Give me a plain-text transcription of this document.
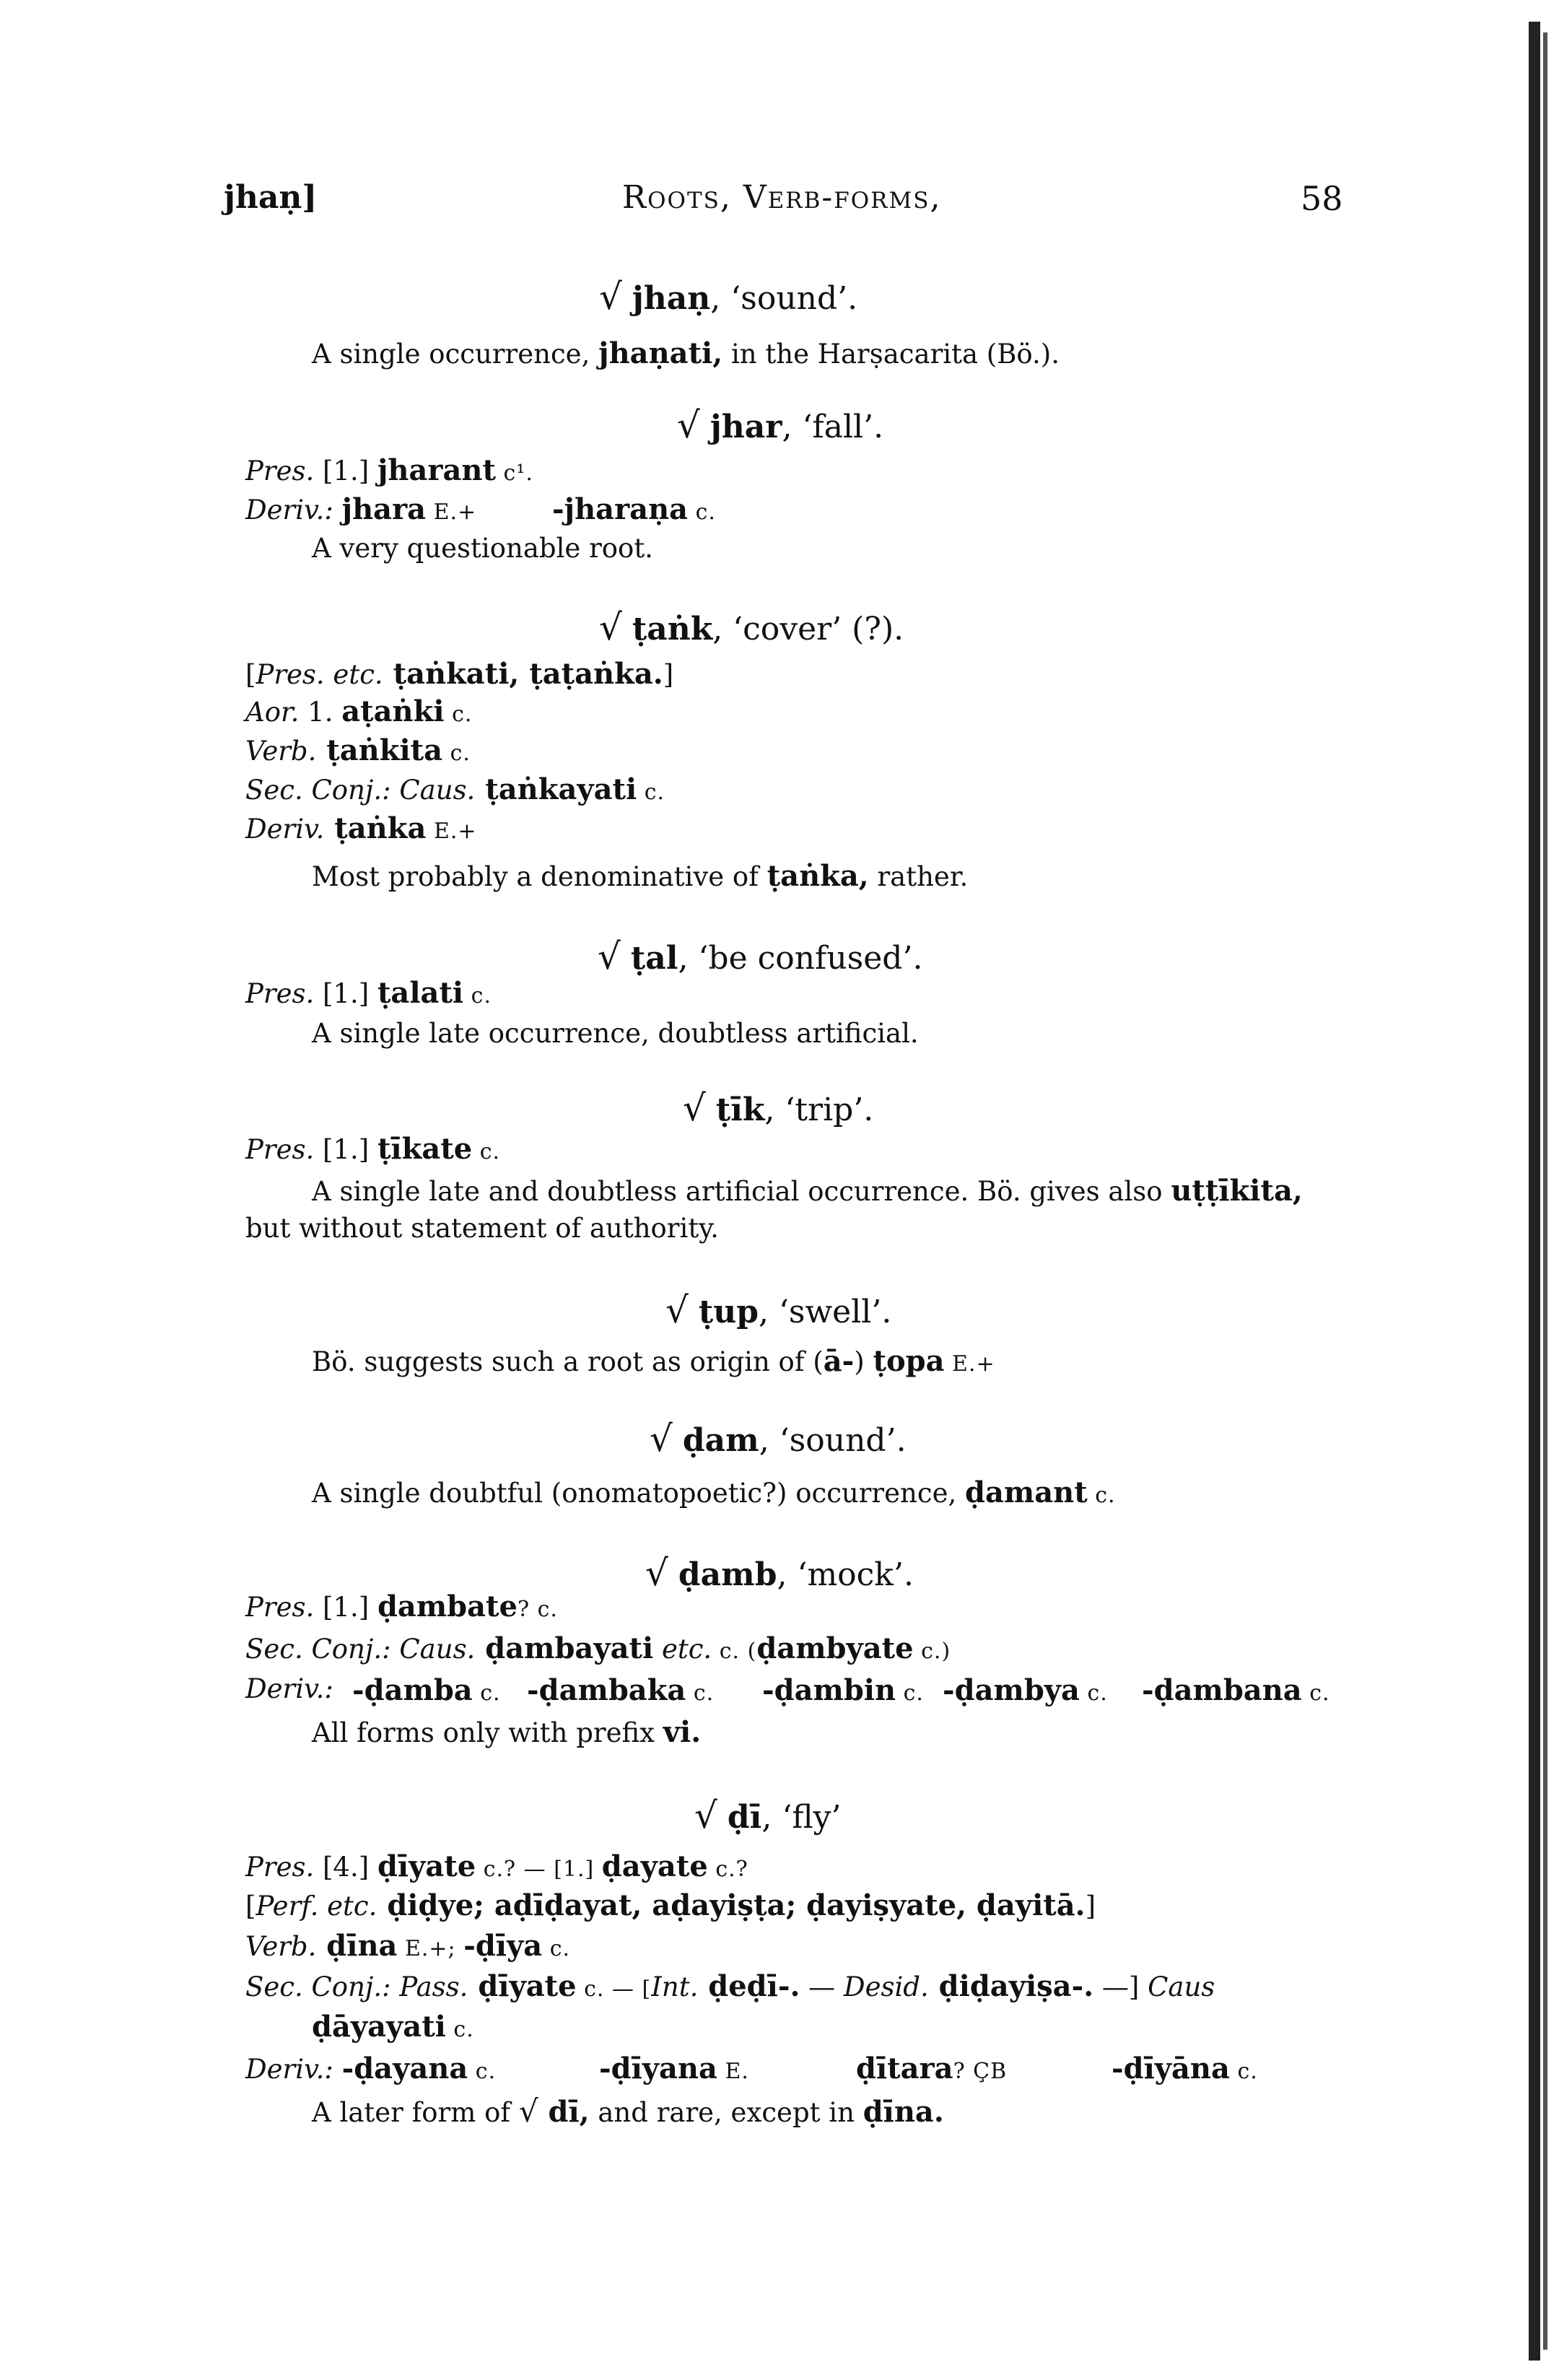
jhaṇ]	Roots, Verb-forms,	58
√ jhaṇ, ‘sound’.
A single occurrence, jhaṇati, in the Harṣacarita (Bö.).
√ jhar, ‘fall’.
Pres. [1.] jharant c¹.
Deriv.: jhara E.+	-jharaṇa c.
A very questionable root.
√ ṭaṅk, ‘cover’ (?).
[Pres. etc. ṭaṅkati, ṭaṭaṅka.]
Aor. 1. aṭaṅki c.
Verb. ṭaṅkita c.
Sec. Conj.: Caus. ṭaṅkayati c.
Deriv. ṭaṅka E.+
Most probably a denominative of ṭaṅka, rather.
√ ṭal, ‘be confused’.
Pres. [1.] ṭalati c.
A single late occurrence, doubtless artificial.
√ ṭīk, ‘trip’.
Pres. [1.] ṭīkate c.
A single late and doubtless artificial occurrence. Bö. gives also uṭṭīkita,
but without statement of authority.
√ ṭup, ‘swell’.
Bö. suggests such a root as origin of (ā-) ṭopa E.+
√ ḍam, ‘sound’.
A single doubtful (onomatopoetic?) occurrence, ḍamant c.
√ ḍamb, ‘mock’.
Pres. [1.] ḍambate? c.
Sec. Conj.: Caus. ḍambayati etc. c. (ḍambyate c.)
Deriv.: -ḍamba c. -ḍambaka c. -ḍambin c. -ḍambya c. -ḍambana c.
All forms only with prefix vi.
√ ḍī, ‘fly’
Pres. [4.] ḍīyate c.? — [1.] ḍayate c.?
[Perf. etc. ḍiḍye; aḍīḍayat, aḍayiṣṭa; ḍayiṣyate, ḍayitā.]
Verb. ḍīna E.+; -ḍīya c.
Sec. Conj.: Pass. ḍīyate c. — [Int. ḍeḍī-. — Desid. ḍiḍayiṣa-. —] Caus
ḍāyayati c.
Deriv.: -ḍayana c.	-ḍīyana E.	ḍītara? ÇB	-ḍīyāna c.
A later form of √ dī, and rare, except in ḍīna.
